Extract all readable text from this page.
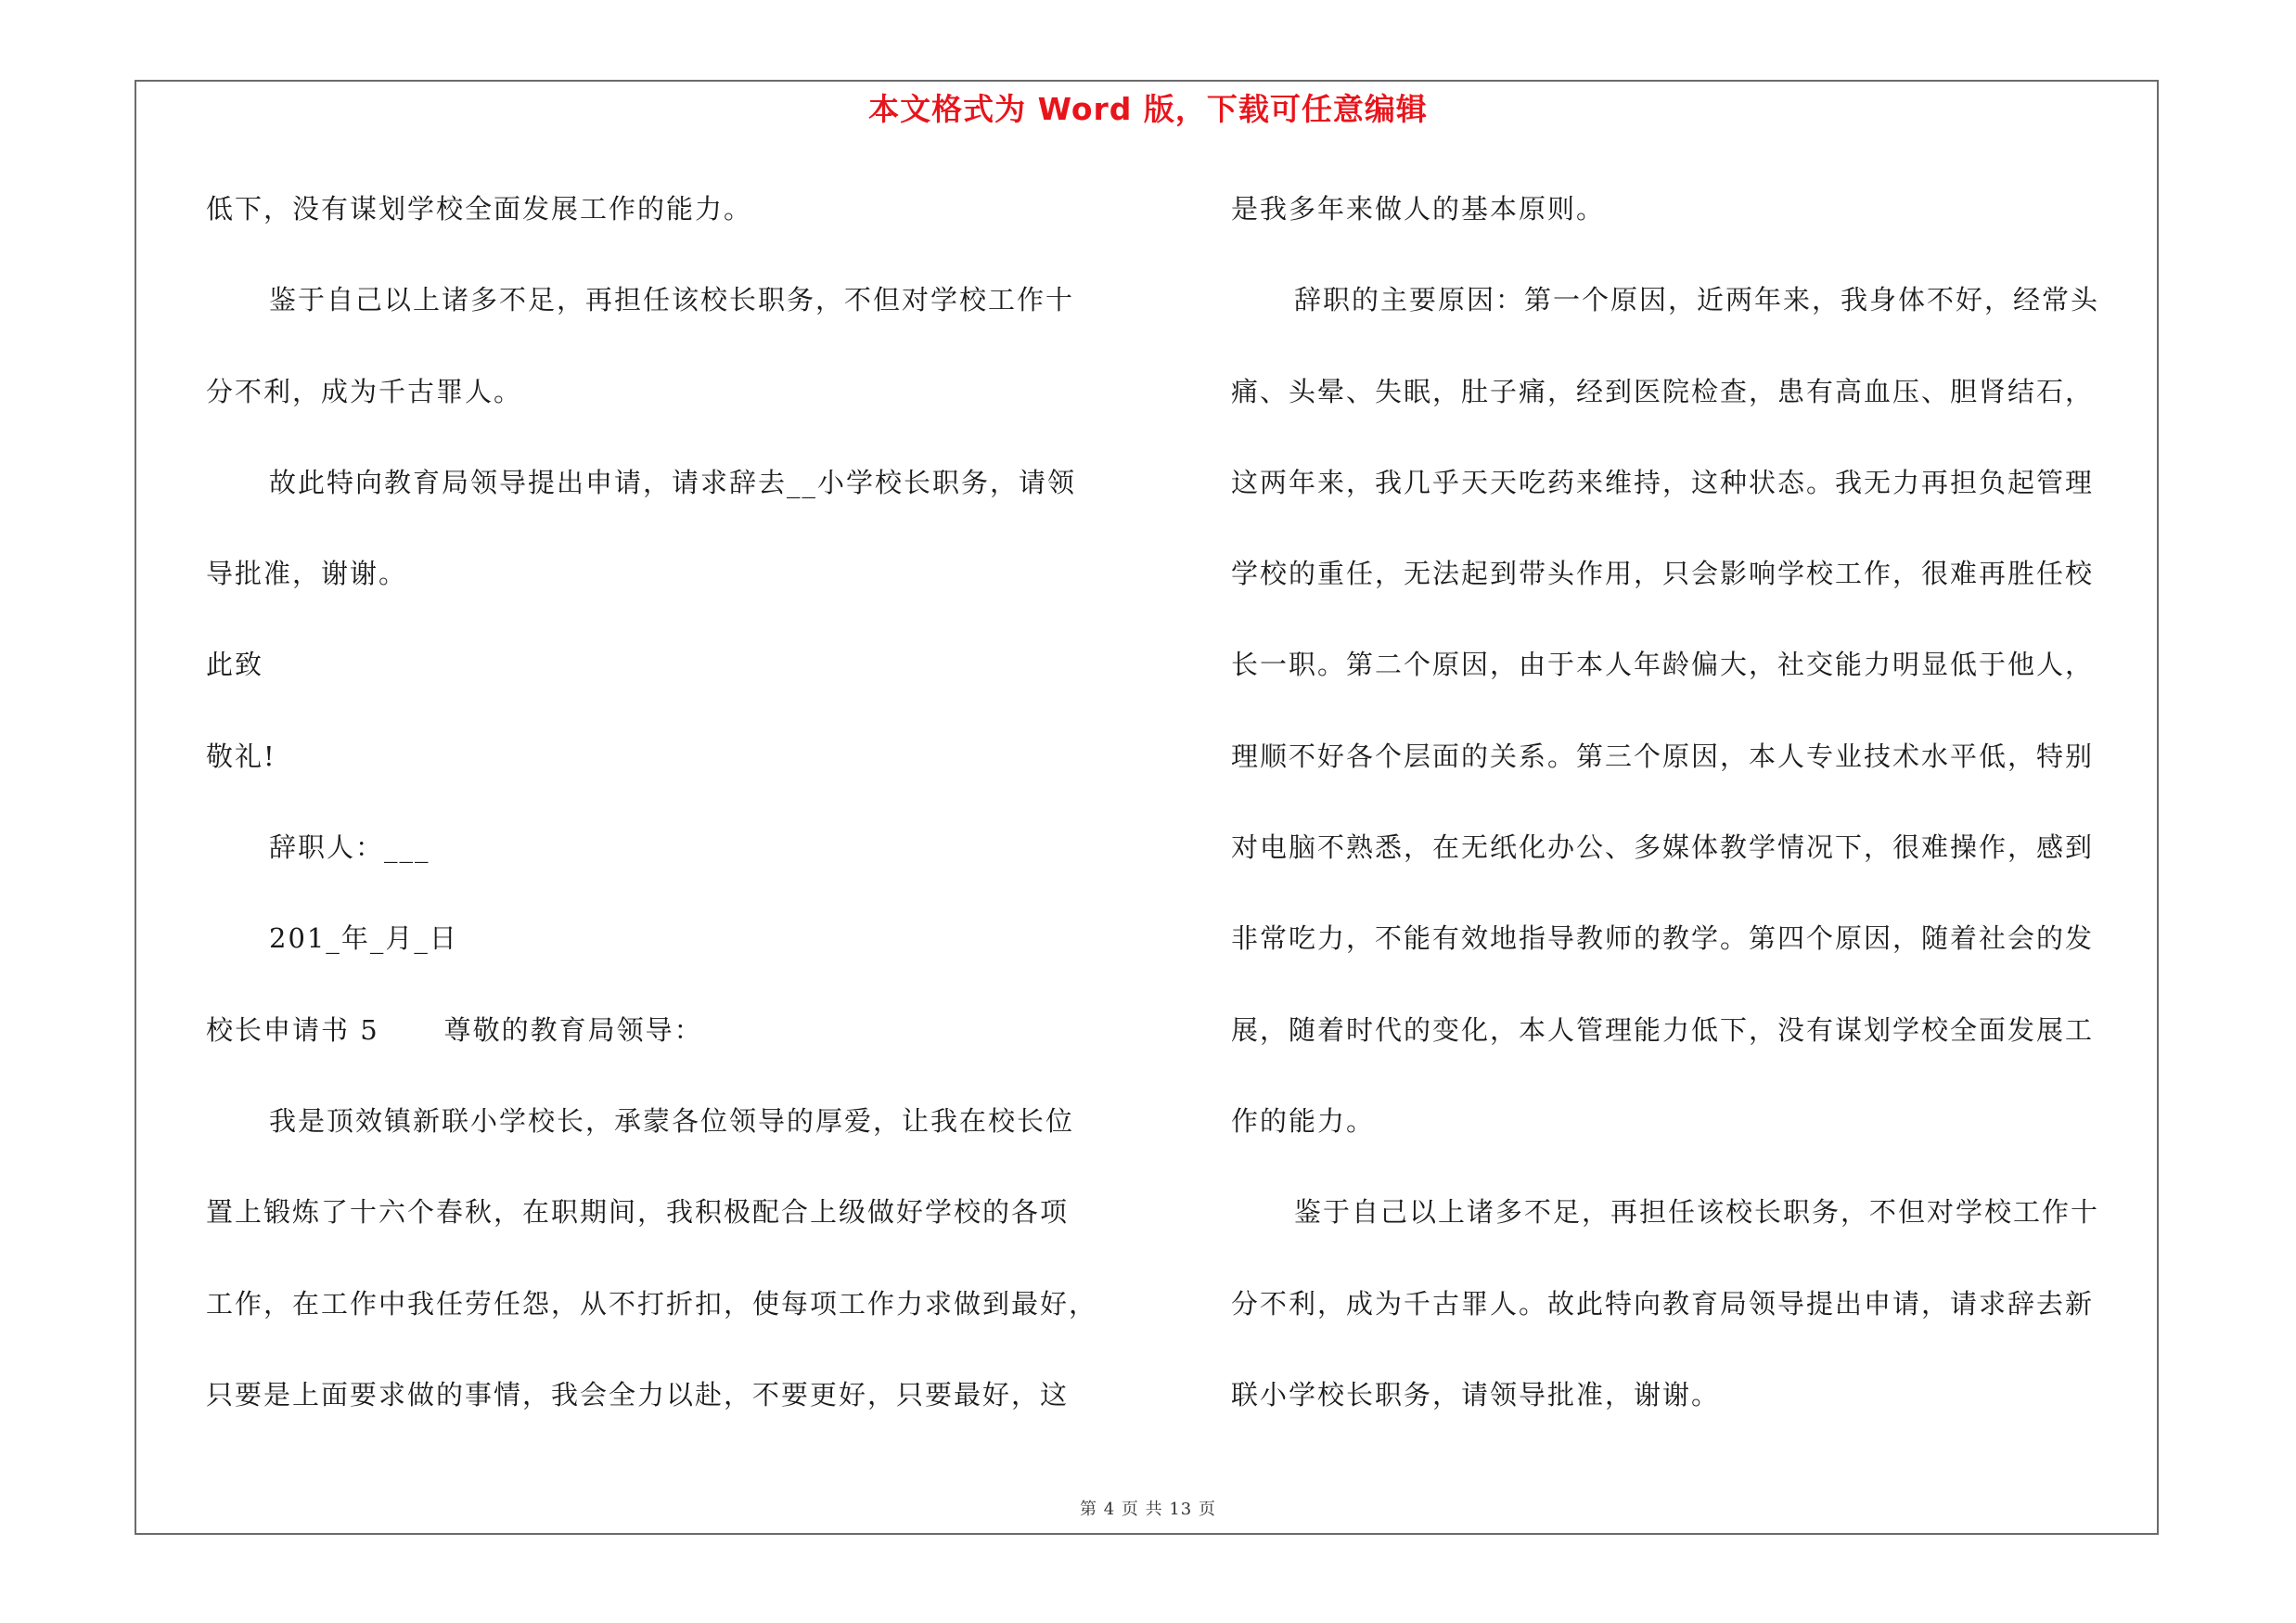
本文格式为 Word 版，下载可任意编辑
低下，没有谋划学校全面发展工作的能力。
鉴于自己以上诸多不足，再担任该校长职务，不但对学校工作十
分不利，成为千古罪人。
故此特向教育局领导提出申请，请求辞去__小学校长职务，请领
导批准，谢谢。
此致
敬礼!
辞职人：___
201_年_月_日
校长申请书 5 尊敬的教育局领导：
我是顶效镇新联小学校长，承蒙各位领导的厚爱，让我在校长位
置上锻炼了十六个春秋，在职期间，我积极配合上级做好学校的各项
工作，在工作中我任劳任怨，从不打折扣，使每项工作力求做到最好，
只要是上面要求做的事情，我会全力以赴，不要更好，只要最好，这
是我多年来做人的基本原则。
辞职的主要原因：第一个原因，近两年来，我身体不好，经常头
痛、头晕、失眠，肚子痛，经到医院检查，患有高血压、胆肾结石，
这两年来，我几乎天天吃药来维持，这种状态。我无力再担负起管理
学校的重任，无法起到带头作用，只会影响学校工作，很难再胜任校
长一职。第二个原因，由于本人年龄偏大，社交能力明显低于他人，
理顺不好各个层面的关系。第三个原因，本人专业技术水平低，特别
对电脑不熟悉，在无纸化办公、多媒体教学情况下，很难操作，感到
非常吃力，不能有效地指导教师的教学。第四个原因，随着社会的发
展，随着时代的变化，本人管理能力低下，没有谋划学校全面发展工
作的能力。
鉴于自己以上诸多不足，再担任该校长职务，不但对学校工作十
分不利，成为千古罪人。故此特向教育局领导提出申请，请求辞去新
联小学校长职务，请领导批准，谢谢。
第 4 页 共 13 页
